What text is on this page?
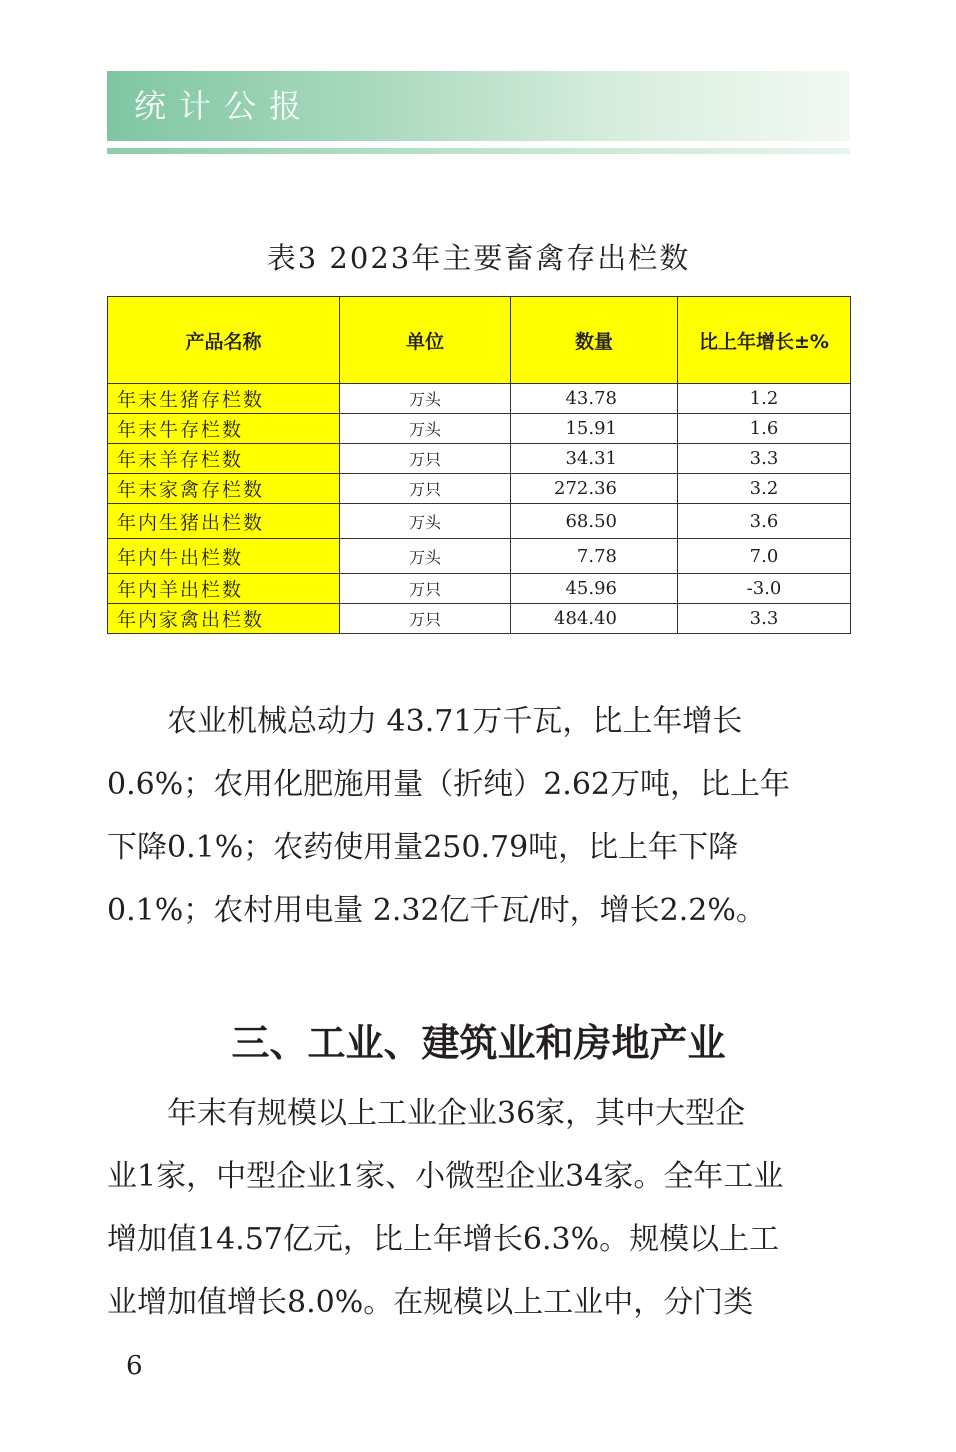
统计公报
表3 2023年主要畜禽存出栏数
产品名称	单位	数量	比上年增长±%
年末生猪存栏数	万头	43.78	1.2
年末牛存栏数	万头	15.91	1.6
年末羊存栏数	万只	34.31	3.3
年末家禽存栏数	万只	272.36	3.2
年内生猪出栏数	万头	68.50	3.6
年内牛出栏数	万头	7.78	7.0
年内羊出栏数	万只	45.96	-3.0
年内家禽出栏数	万只	484.40	3.3
　　农业机械总动力 43.71万千瓦，比上年增长
0.6%；农用化肥施用量（折纯）2.62万吨，比上年
下降0.1%；农药使用量250.79吨，比上年下降
0.1%；农村用电量 2.32亿千瓦/时，增长2.2%。
三、工业、建筑业和房地产业
　　年末有规模以上工业企业36家，其中大型企
业1家，中型企业1家、小微型企业34家。全年工业
增加值14.57亿元，比上年增长6.3%。规模以上工
业增加值增长8.0%。在规模以上工业中，分门类
6
